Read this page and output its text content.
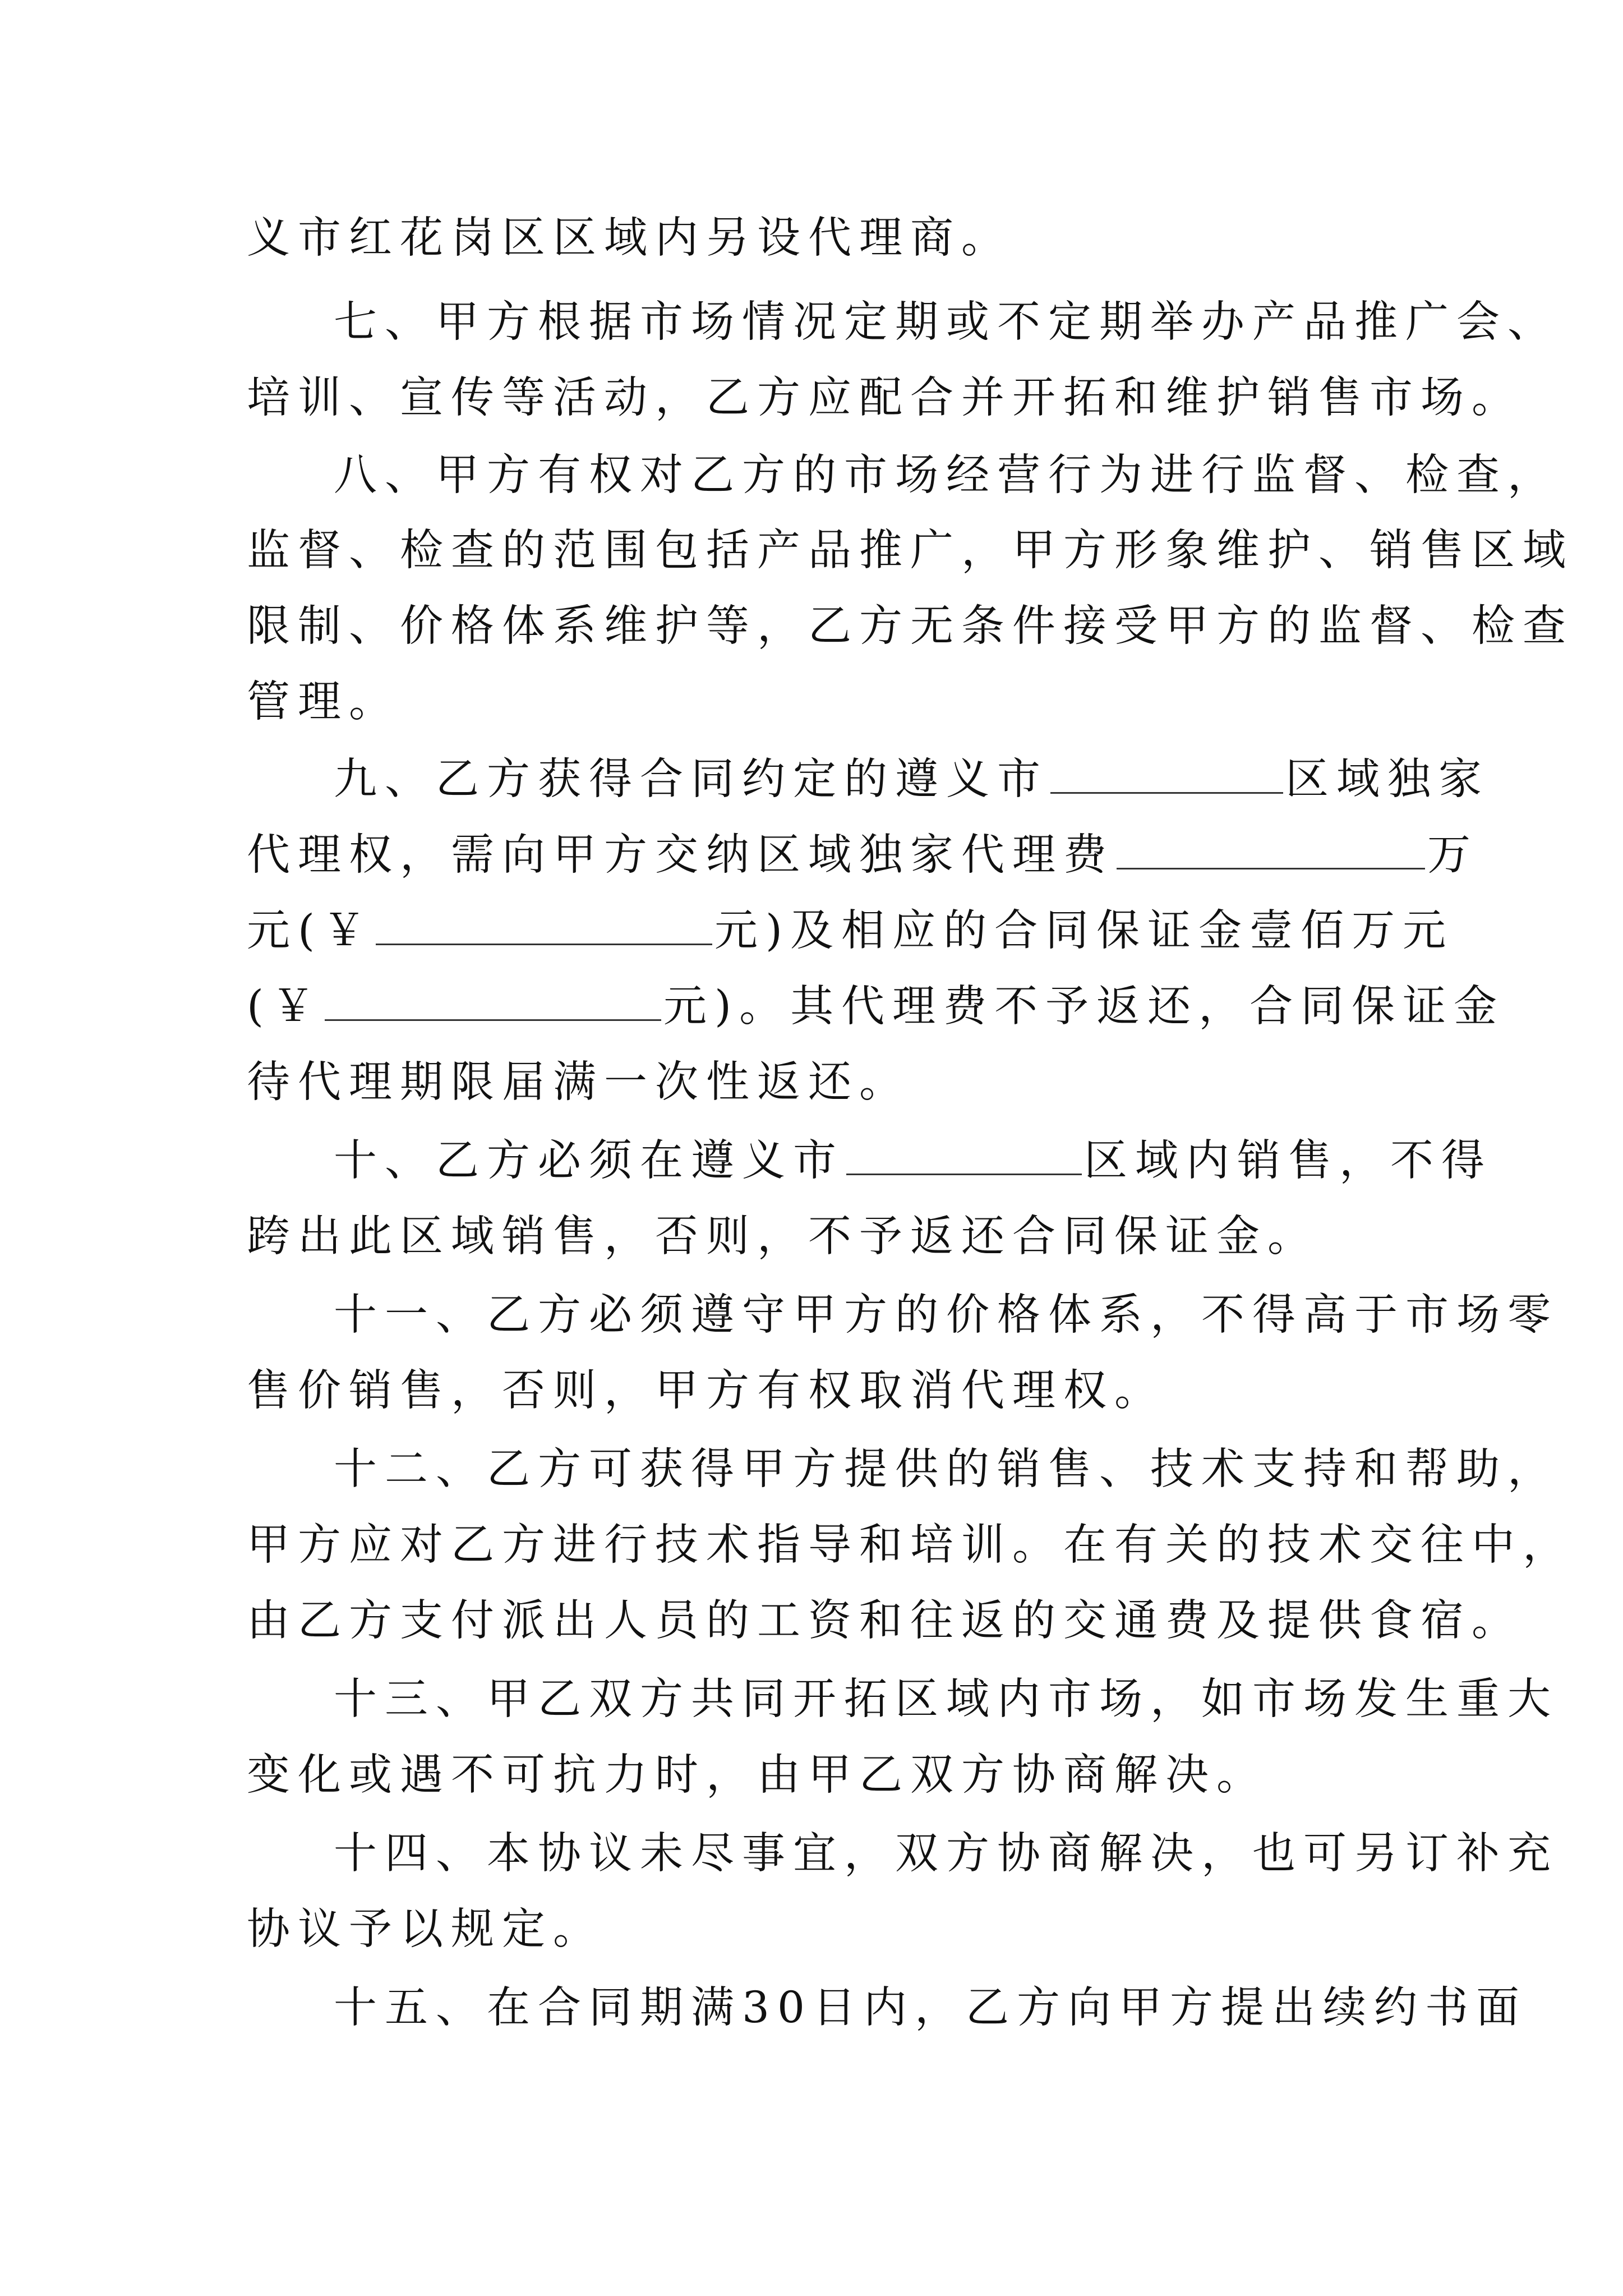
义市红花岗区区域内另设代理商。
七、甲方根据市场情况定期或不定期举办产品推广会、
培训、宣传等活动，乙方应配合并开拓和维护销售市场。
八、甲方有权对乙方的市场经营行为进行监督、检查，
监督、检查的范围包括产品推广，甲方形象维护、销售区域
限制、价格体系维护等，乙方无条件接受甲方的监督、检查
管理。
九、乙方获得合同约定的遵义市	区域独家
代理权，需向甲方交纳区域独家代理费	万
元(￥	元)及相应的合同保证金壹佰万元
(￥	元)。其代理费不予返还，合同保证金
待代理期限届满一次性返还。
十、乙方必须在遵义市	区域内销售，不得
跨出此区域销售，否则，不予返还合同保证金。
十一、乙方必须遵守甲方的价格体系，不得高于市场零
售价销售，否则，甲方有权取消代理权。
十二、乙方可获得甲方提供的销售、技术支持和帮助，
甲方应对乙方进行技术指导和培训。在有关的技术交往中，
由乙方支付派出人员的工资和往返的交通费及提供食宿。
十三、甲乙双方共同开拓区域内市场，如市场发生重大
变化或遇不可抗力时，由甲乙双方协商解决。
十四、本协议未尽事宜，双方协商解决，也可另订补充
协议予以规定。
十五、在合同期满30日内，乙方向甲方提出续约书面
